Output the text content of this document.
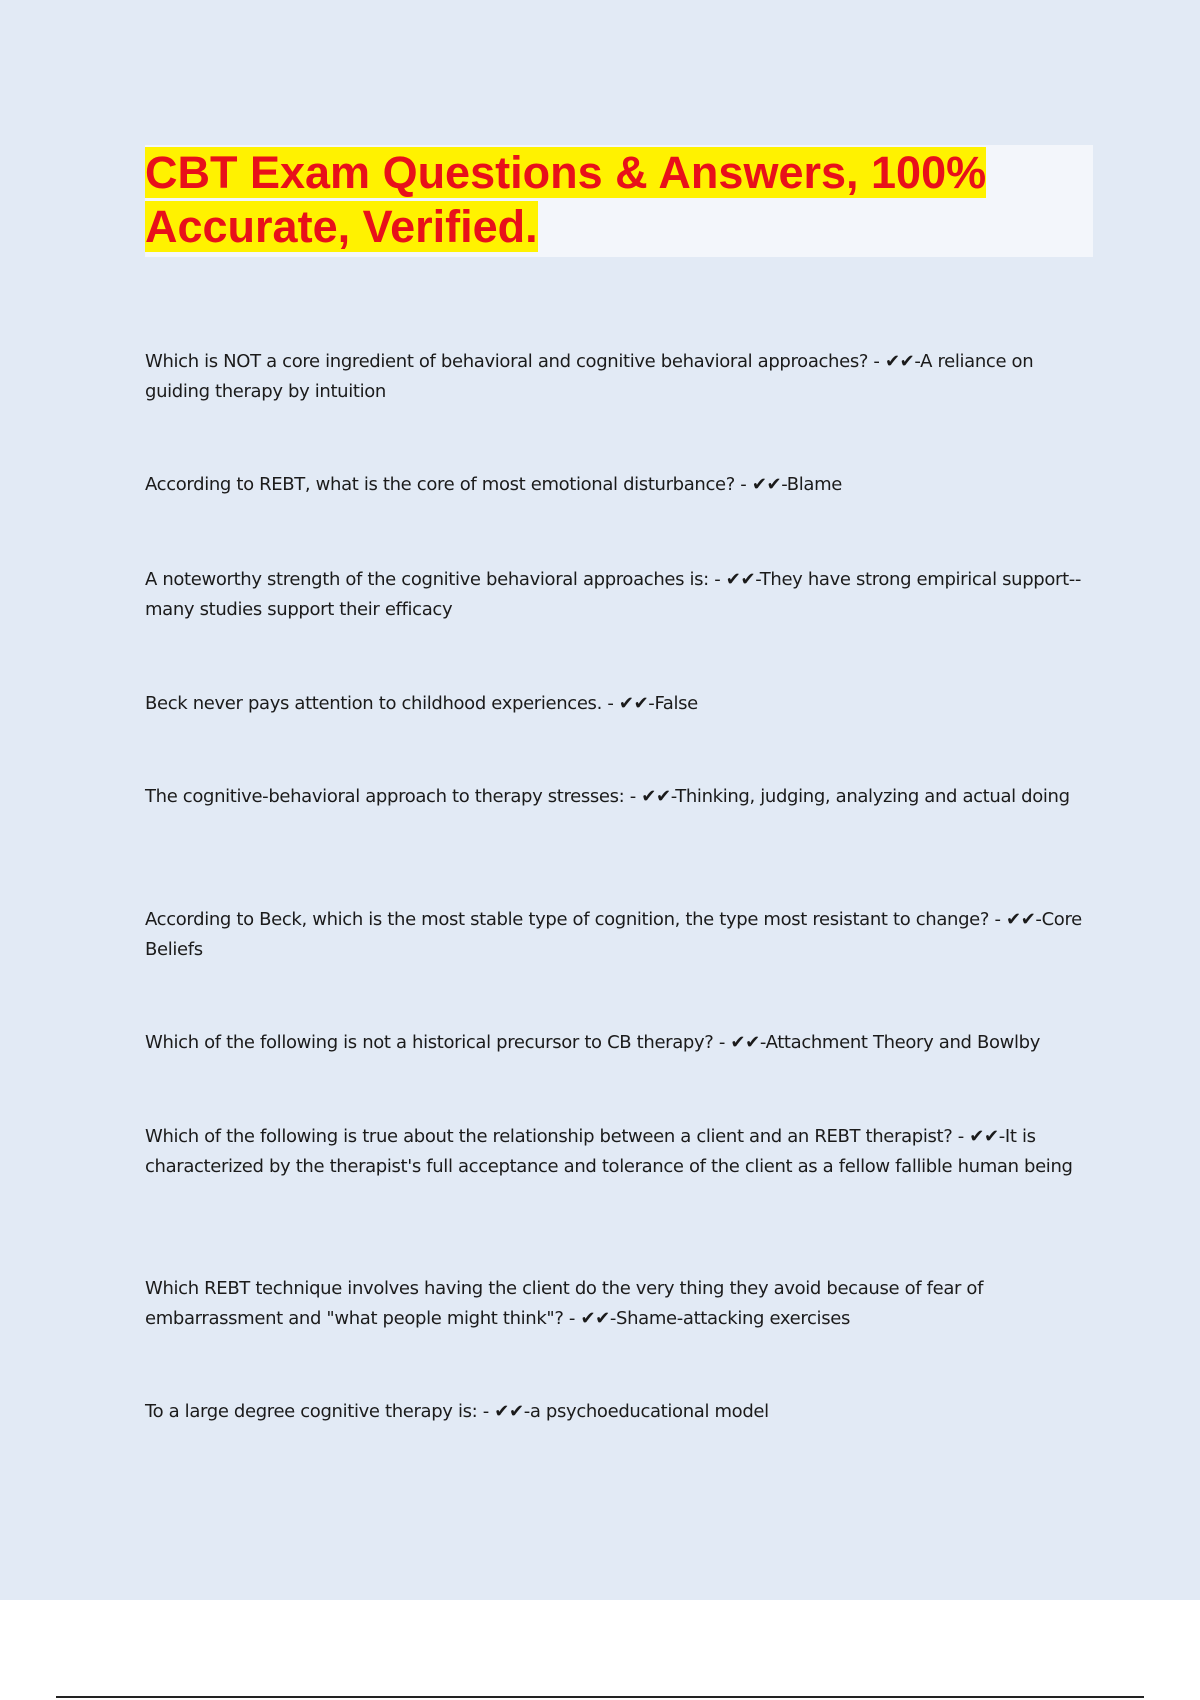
CBT Exam Questions & Answers, 100%
Accurate, Verified.

Which is NOT a core ingredient of behavioral and cognitive behavioral approaches? - ✔✔-A reliance on guiding therapy by intuition

According to REBT, what is the core of most emotional disturbance? - ✔✔-Blame

A noteworthy strength of the cognitive behavioral approaches is: - ✔✔-They have strong empirical support-- many studies support their efficacy

Beck never pays attention to childhood experiences. - ✔✔-False

The cognitive-behavioral approach to therapy stresses: - ✔✔-Thinking, judging, analyzing and actual doing

According to Beck, which is the most stable type of cognition, the type most resistant to change? - ✔✔-Core Beliefs

Which of the following is not a historical precursor to CB therapy? - ✔✔-Attachment Theory and Bowlby

Which of the following is true about the relationship between a client and an REBT therapist? - ✔✔-It is characterized by the therapist's full acceptance and tolerance of the client as a fellow fallible human being

Which REBT technique involves having the client do the very thing they avoid because of fear of embarrassment and "what people might think"? - ✔✔-Shame-attacking exercises

To a large degree cognitive therapy is: - ✔✔-a psychoeducational model
